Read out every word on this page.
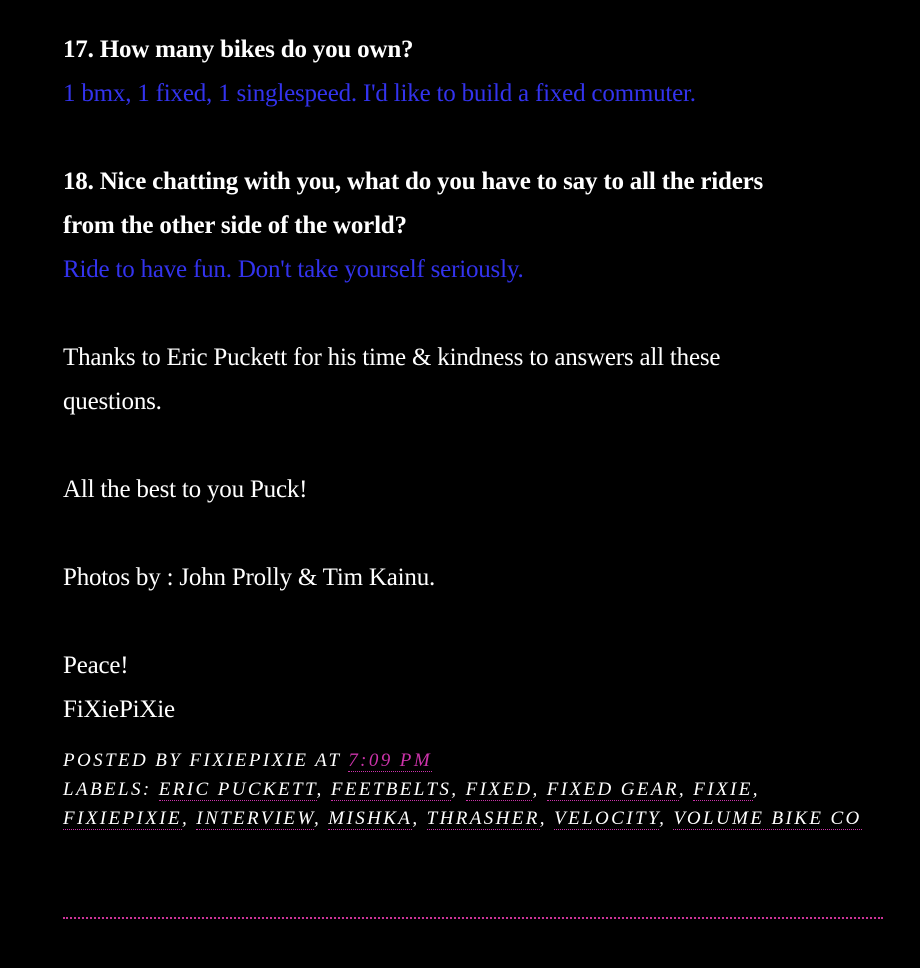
17. How many bikes do you own?

1 bmx, 1 fixed, 1 singlespeed. I'd like to build a fixed commuter.

18. Nice chatting with you, what do you have to say to all the riders

from the other side of the world?

Ride to have fun. Don't take yourself seriously.

Thanks to Eric Puckett for his time & kindness to answers all these

questions.

All the best to you Puck!

Photos by : John Prolly & Tim Kainu.

Peace!

FiXiePiXie

POSTED BY FIXIEPIXIE AT 7:09 PM
LABELS: ERIC PUCKETT, FEETBELTS, FIXED, FIXED GEAR, FIXIE, FIXIEPIXIE, INTERVIEW, MISHKA, THRASHER, VELOCITY, VOLUME BIKE CO
